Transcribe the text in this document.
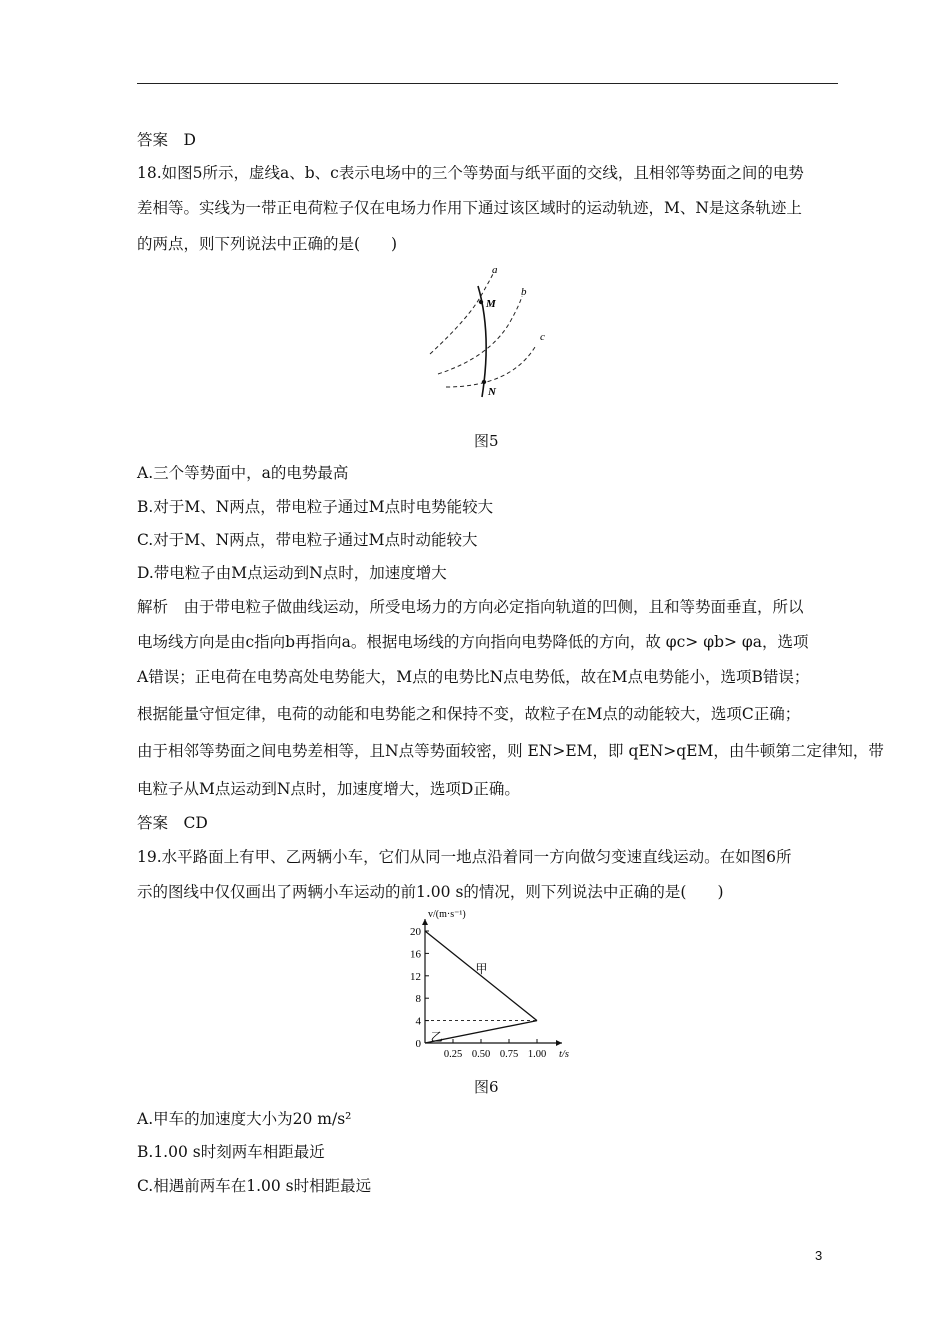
答案　D
18.如图5所示，虚线a、b、c表示电场中的三个等势面与纸平面的交线，且相邻等势面之间的电势
差相等。实线为一带正电荷粒子仅在电场力作用下通过该区域时的运动轨迹，M、N是这条轨迹上
的两点，则下列说法中正确的是(　　)
a
b
c
M
N
图5
A.三个等势面中，a的电势最高
B.对于M、N两点，带电粒子通过M点时电势能较大
C.对于M、N两点，带电粒子通过M点时动能较大
D.带电粒子由M点运动到N点时，加速度增大
解析　由于带电粒子做曲线运动，所受电场力的方向必定指向轨道的凹侧，且和等势面垂直，所以
电场线方向是由c指向b再指向a。根据电场线的方向指向电势降低的方向，故 φc> φb> φa，选项
A错误；正电荷在电势高处电势能大，M点的电势比N点电势低，故在M点电势能小，选项B错误；
根据能量守恒定律，电荷的动能和电势能之和保持不变，故粒子在M点的动能较大，选项C正确；
由于相邻等势面之间电势差相等，且N点等势面较密，则 EN>EM，即 qEN>qEM，由牛顿第二定律知，带
电粒子从M点运动到N点时，加速度增大，选项D正确。
答案　CD
19.水平路面上有甲、乙两辆小车，它们从同一地点沿着同一方向做匀变速直线运动。在如图6所
示的图线中仅仅画出了两辆小车运动的前1.00 s的情况，则下列说法中正确的是(　　)
0
4
8
12
16
20
0.25 0.50 0.75 1.00 t/s
v/(m·s⁻¹)
甲
乙
图6
A.甲车的加速度大小为20 m/s²
B.1.00 s时刻两车相距最近
C.相遇前两车在1.00 s时相距最远
3
